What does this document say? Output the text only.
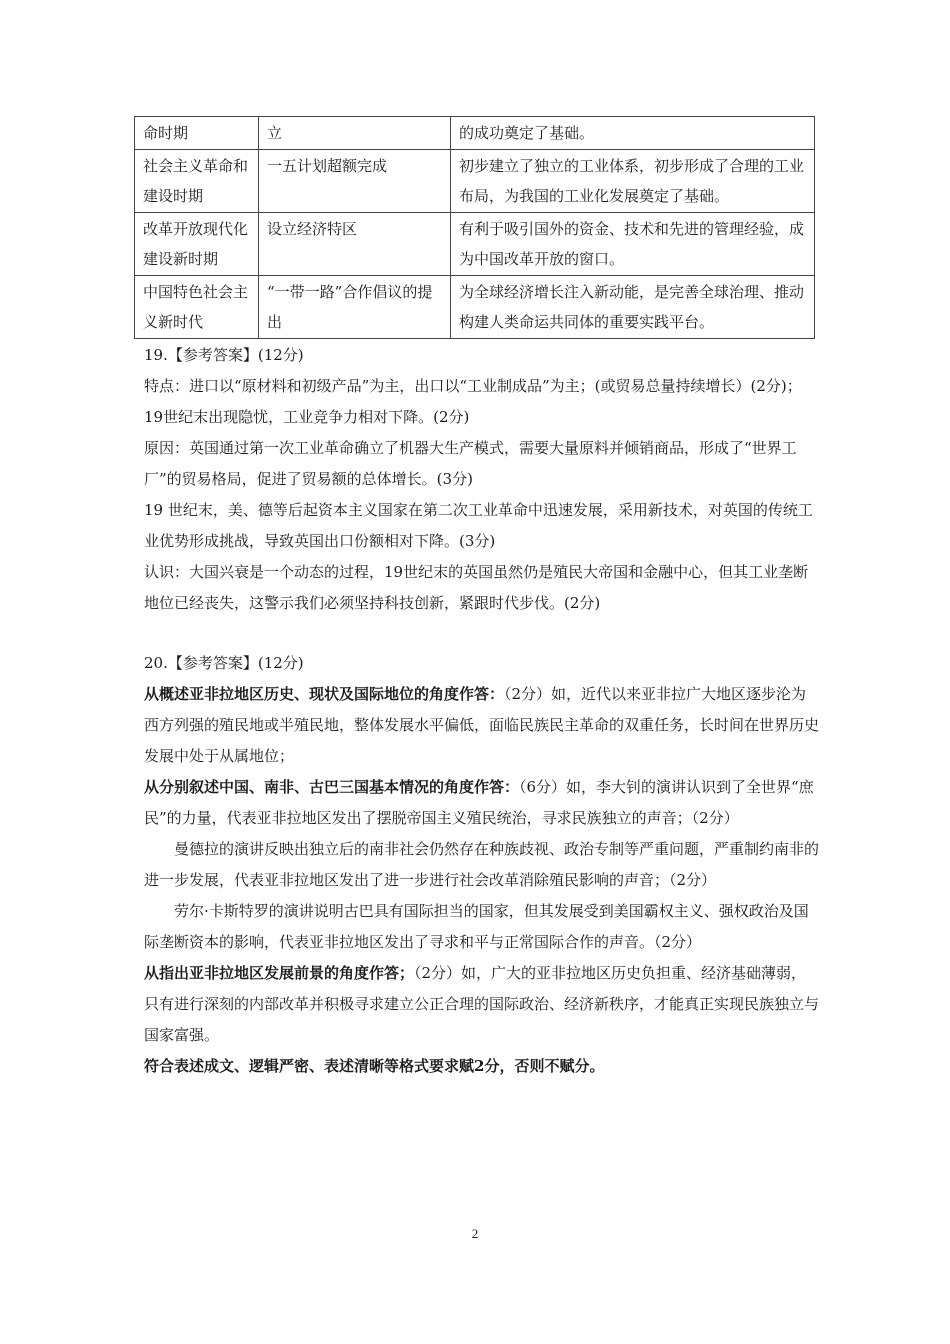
命时期	立	的成功奠定了基础。
社会主义革命和建设时期	一五计划超额完成	初步建立了独立的工业体系，初步形成了合理的工业布局，为我国的工业化发展奠定了基础。
改革开放现代化建设新时期	设立经济特区	有利于吸引国外的资金、技术和先进的管理经验，成为中国改革开放的窗口。
中国特色社会主义新时代	“一带一路”合作倡议的提出	为全球经济增长注入新动能，是完善全球治理、推动构建人类命运共同体的重要实践平台。

19.【参考答案】(12分)

特点：进口以“原材料和初级产品”为主，出口以“工业制成品”为主；(或贸易总量持续增长）(2分)；19世纪末出现隐忧，工业竞争力相对下降。(2分)

原因：英国通过第一次工业革命确立了机器大生产模式，需要大量原料并倾销商品，形成了“世界工厂”的贸易格局，促进了贸易额的总体增长。(3分)

19 世纪末，美、德等后起资本主义国家在第二次工业革命中迅速发展，采用新技术，对英国的传统工业优势形成挑战，导致英国出口份额相对下降。(3分)

认识：大国兴衰是一个动态的过程，19世纪末的英国虽然仍是殖民大帝国和金融中心，但其工业垄断地位已经丧失，这警示我们必须坚持科技创新，紧跟时代步伐。(2分)

20.【参考答案】(12分)

从概述亚非拉地区历史、现状及国际地位的角度作答：（2分）如，近代以来亚非拉广大地区逐步沦为西方列强的殖民地或半殖民地，整体发展水平偏低，面临民族民主革命的双重任务，长时间在世界历史发展中处于从属地位；

从分别叙述中国、南非、古巴三国基本情况的角度作答：（6分）如，李大钊的演讲认识到了全世界“庶民”的力量，代表亚非拉地区发出了摆脱帝国主义殖民统治，寻求民族独立的声音；（2分）

曼德拉的演讲反映出独立后的南非社会仍然存在种族歧视、政治专制等严重问题，严重制约南非的进一步发展，代表亚非拉地区发出了进一步进行社会改革消除殖民影响的声音；（2分）

劳尔·卡斯特罗的演讲说明古巴具有国际担当的国家，但其发展受到美国霸权主义、强权政治及国际垄断资本的影响，代表亚非拉地区发出了寻求和平与正常国际合作的声音。（2分）

从指出亚非拉地区发展前景的角度作答；（2分）如，广大的亚非拉地区历史负担重、经济基础薄弱，只有进行深刻的内部改革并积极寻求建立公正合理的国际政治、经济新秩序，才能真正实现民族独立与国家富强。

符合表述成文、逻辑严密、表述清晰等格式要求赋2分，否则不赋分。

2
